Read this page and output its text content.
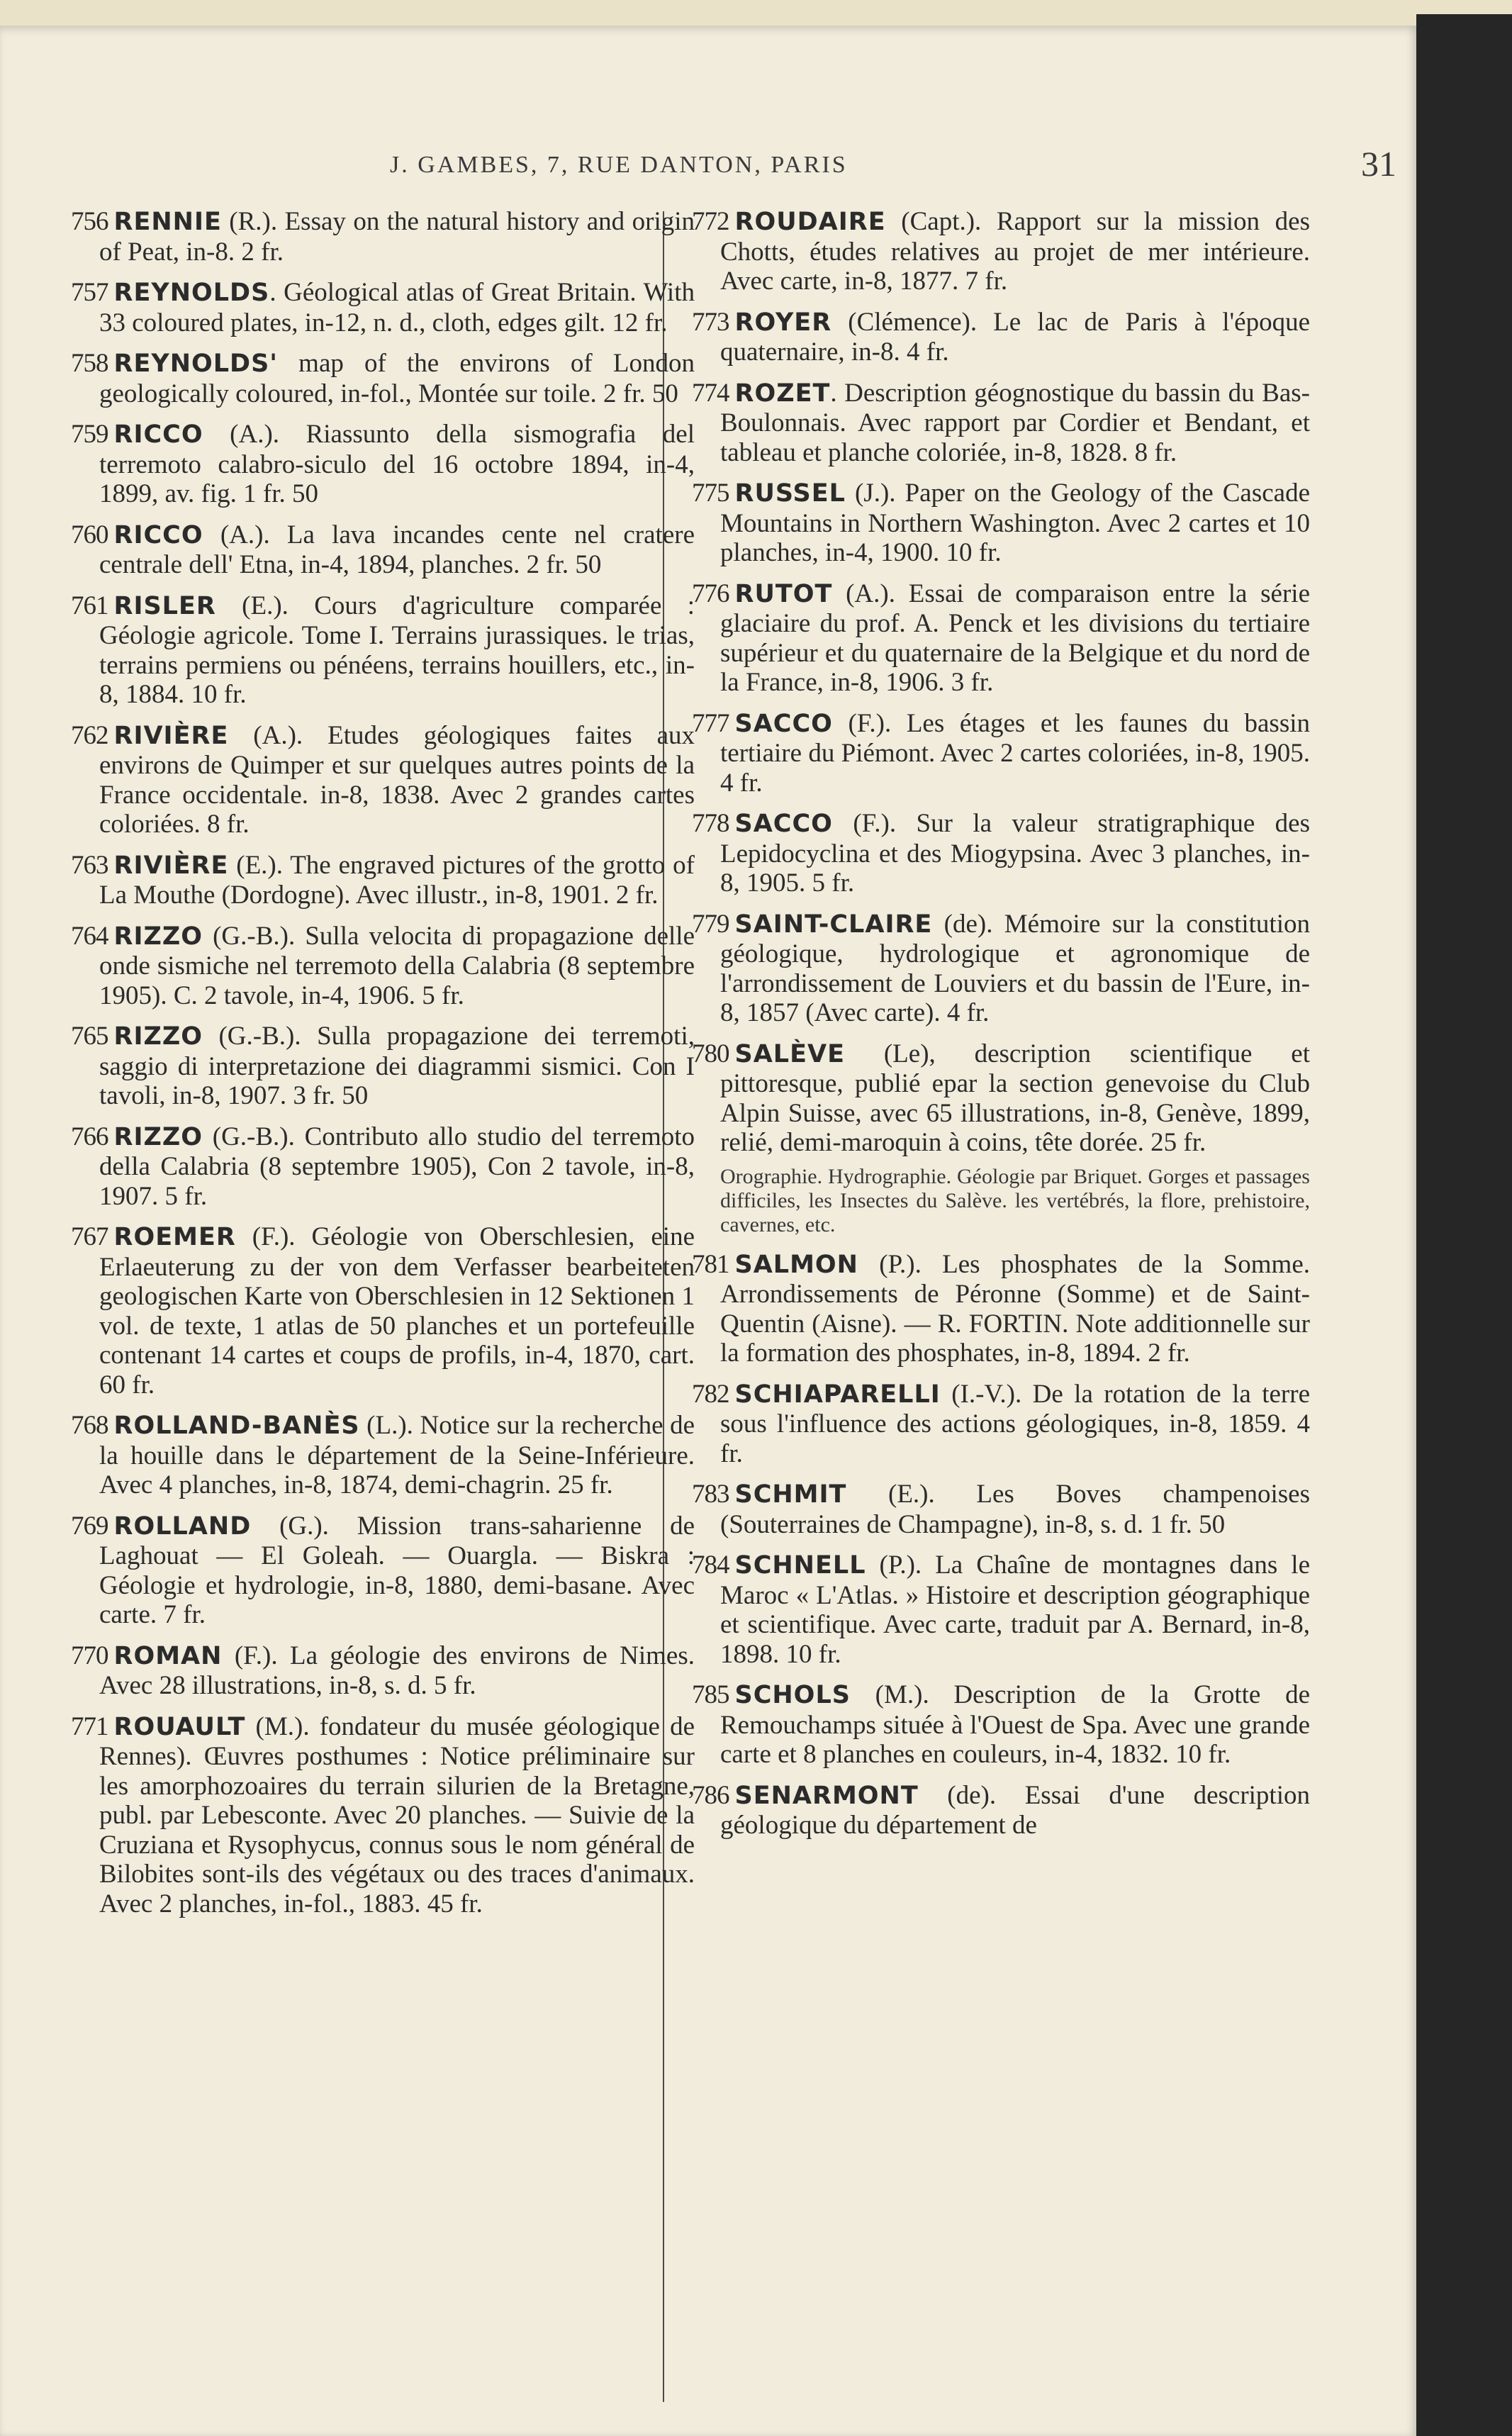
J. GAMBES, 7, RUE DANTON, PARIS	31

756 RENNIE (R.). Essay on the natural history and origin of Peat, in-8. 2 fr.

757 REYNOLDS. Géological atlas of Great Britain. With 33 coloured plates, in-12, n. d., cloth, edges gilt. 12 fr.

758 REYNOLDS' map of the environs of London geologically coloured, in-fol., Montée sur toile. 2 fr. 50

759 RICCO (A.). Riassunto della sismografia del terremoto calabro-siculo del 16 octobre 1894, in-4, 1899, av. fig. 1 fr. 50

760 RICCO (A.). La lava incandes cente nel cratere centrale dell' Etna, in-4, 1894, planches. 2 fr. 50

761 RISLER (E.). Cours d'agriculture comparée : Géologie agricole. Tome I. Terrains jurassiques. le trias, terrains permiens ou pénéens, terrains houillers, etc., in-8, 1884. 10 fr.

762 RIVIÈRE (A.). Etudes géologiques faites aux environs de Quimper et sur quelques autres points de la France occidentale. in-8, 1838. Avec 2 grandes cartes coloriées. 8 fr.

763 RIVIÈRE (E.). The engraved pictures of the grotto of La Mouthe (Dordogne). Avec illustr., in-8, 1901. 2 fr.

764 RIZZO (G.-B.). Sulla velocita di propagazione delle onde sismiche nel terremoto della Calabria (8 septembre 1905). C. 2 tavole, in-4, 1906. 5 fr.

765 RIZZO (G.-B.). Sulla propagazione dei terremoti, saggio di interpretazione dei diagrammi sismici. Con I tavoli, in-8, 1907. 3 fr. 50

766 RIZZO (G.-B.). Contributo allo studio del terremoto della Calabria (8 septembre 1905), Con 2 tavole, in-8, 1907. 5 fr.

767 ROEMER (F.). Géologie von Oberschlesien, eine Erlaeuterung zu der von dem Verfasser bearbeiteten geologischen Karte von Oberschlesien in 12 Sektionen 1 vol. de texte, 1 atlas de 50 planches et un portefeuille contenant 14 cartes et coups de profils, in-4, 1870, cart. 60 fr.

768 ROLLAND-BANÈS (L.). Notice sur la recherche de la houille dans le département de la Seine-Inférieure. Avec 4 planches, in-8, 1874, demi-chagrin. 25 fr.

769 ROLLAND (G.). Mission trans-saharienne de Laghouat — El Goleah. — Ouargla. — Biskra : Géologie et hydrologie, in-8, 1880, demi-basane. Avec carte. 7 fr.

770 ROMAN (F.). La géologie des environs de Nimes. Avec 28 illustrations, in-8, s. d. 5 fr.

771 ROUAULT (M.). fondateur du musée géologique de Rennes). Œuvres posthumes : Notice préliminaire sur les amorphozoaires du terrain silurien de la Bretagne, publ. par Lebesconte. Avec 20 planches. — Suivie de la Cruziana et Rysophycus, connus sous le nom général de Bilobites sont-ils des végétaux ou des traces d'animaux. Avec 2 planches, in-fol., 1883. 45 fr.

772 ROUDAIRE (Capt.). Rapport sur la mission des Chotts, études relatives au projet de mer intérieure. Avec carte, in-8, 1877. 7 fr.

773 ROYER (Clémence). Le lac de Paris à l'époque quaternaire, in-8. 4 fr.

774 ROZET. Description géognostique du bassin du Bas-Boulonnais. Avec rapport par Cordier et Bendant, et tableau et planche coloriée, in-8, 1828. 8 fr.

775 RUSSEL (J.). Paper on the Geology of the Cascade Mountains in Northern Washington. Avec 2 cartes et 10 planches, in-4, 1900. 10 fr.

776 RUTOT (A.). Essai de comparaison entre la série glaciaire du prof. A. Penck et les divisions du tertiaire supérieur et du quaternaire de la Belgique et du nord de la France, in-8, 1906. 3 fr.

777 SACCO (F.). Les étages et les faunes du bassin tertiaire du Piémont. Avec 2 cartes coloriées, in-8, 1905. 4 fr.

778 SACCO (F.). Sur la valeur stratigraphique des Lepidocyclina et des Miogypsina. Avec 3 planches, in-8, 1905. 5 fr.

779 SAINT-CLAIRE (de). Mémoire sur la constitution géologique, hydrologique et agronomique de l'arrondissement de Louviers et du bassin de l'Eure, in-8, 1857 (Avec carte). 4 fr.

780 SALÈVE (Le), description scientifique et pittoresque, publié epar la section genevoise du Club Alpin Suisse, avec 65 illustrations, in-8, Genève, 1899, relié, demi-maroquin à coins, tête dorée. 25 fr.

Orographie. Hydrographie. Géologie par Briquet. Gorges et passages difficiles, les Insectes du Salève. les vertébrés, la flore, prehistoire, cavernes, etc.

781 SALMON (P.). Les phosphates de la Somme. Arrondissements de Péronne (Somme) et de Saint-Quentin (Aisne). — R. FORTIN. Note additionnelle sur la formation des phosphates, in-8, 1894. 2 fr.

782 SCHIAPARELLI (I.-V.). De la rotation de la terre sous l'influence des actions géologiques, in-8, 1859. 4 fr.

783 SCHMIT (E.). Les Boves champenoises (Souterraines de Champagne), in-8, s. d. 1 fr. 50

784 SCHNELL (P.). La Chaîne de montagnes dans le Maroc « L'Atlas. » Histoire et description géographique et scientifique. Avec carte, traduit par A. Bernard, in-8, 1898. 10 fr.

785 SCHOLS (M.). Description de la Grotte de Remouchamps située à l'Ouest de Spa. Avec une grande carte et 8 planches en couleurs, in-4, 1832. 10 fr.

786 SENARMONT (de). Essai d'une description géologique du département de
